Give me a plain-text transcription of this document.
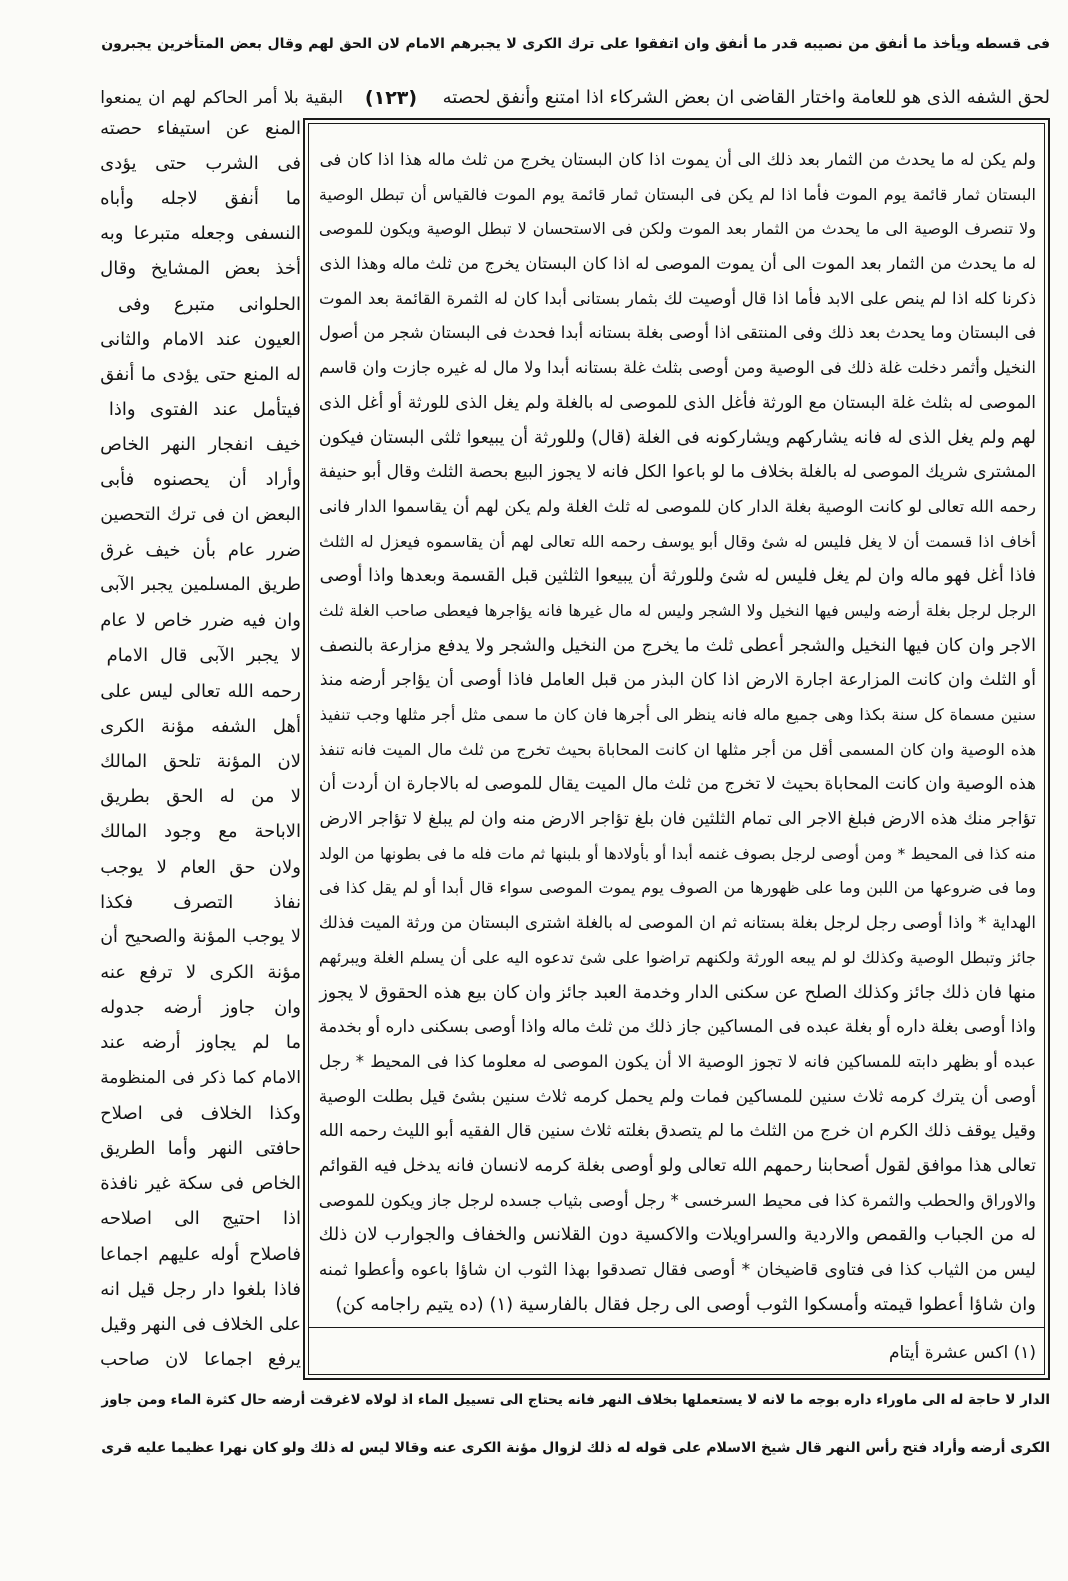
فى قسطه ويأخذ ما أنفق من نصيبه قدر ما أنفق وان اتفقوا على ترك الكرى لا يجبرهم الامام لان الحق لهم وقال بعض المتأخرين يجبرون
لحق الشفه الذى هو للعامة واختار القاضى ان بعض الشركاء اذا امتنع وأنفق لحصته
(١٢٣)
البقية بلا أمر الحاكم لهم ان يمنعوا
ولم يكن له ما يحدث من الثمار بعد ذلك الى أن يموت اذا كان البستان يخرج من ثلث ماله هذا اذا كان فى
البستان ثمار قائمة يوم الموت فأما اذا لم يكن فى البستان ثمار قائمة يوم الموت فالقياس أن تبطل الوصية
ولا تنصرف الوصية الى ما يحدث من الثمار بعد الموت ولكن فى الاستحسان لا تبطل الوصية ويكون للموصى
له ما يحدث من الثمار بعد الموت الى أن يموت الموصى له اذا كان البستان يخرج من ثلث ماله وهذا الذى
ذكرنا كله اذا لم ينص على الابد فأما اذا قال أوصيت لك بثمار بستانى أبدا كان له الثمرة القائمة بعد الموت
فى البستان وما يحدث بعد ذلك وفى المنتقى اذا أوصى بغلة بستانه أبدا فحدث فى البستان شجر من أصول
النخيل وأثمر دخلت غلة ذلك فى الوصية ومن أوصى بثلث غلة بستانه أبدا ولا مال له غيره جازت وان قاسم
الموصى له بثلث غلة البستان مع الورثة فأغل الذى للموصى له بالغلة ولم يغل الذى للورثة أو أغل الذى
لهم ولم يغل الذى له فانه يشاركهم ويشاركونه فى الغلة (قال) وللورثة أن يبيعوا ثلثى البستان فيكون
المشترى شريك الموصى له بالغلة بخلاف ما لو باعوا الكل فانه لا يجوز البيع بحصة الثلث وقال أبو حنيفة
رحمه الله تعالى لو كانت الوصية بغلة الدار كان للموصى له ثلث الغلة ولم يكن لهم أن يقاسموا الدار فانى
أخاف اذا قسمت أن لا يغل فليس له شئ وقال أبو يوسف رحمه الله تعالى لهم أن يقاسموه فيعزل له الثلث
فاذا أغل فهو ماله وان لم يغل فليس له شئ وللورثة أن يبيعوا الثلثين قبل القسمة وبعدها واذا أوصى
الرجل لرجل بغلة أرضه وليس فيها النخيل ولا الشجر وليس له مال غيرها فانه يؤاجرها فيعطى صاحب الغلة ثلث
الاجر وان كان فيها النخيل والشجر أعطى ثلث ما يخرج من النخيل والشجر ولا يدفع مزارعة بالنصف
أو الثلث وان كانت المزارعة اجارة الارض اذا كان البذر من قبل العامل فاذا أوصى أن يؤاجر أرضه منذ
سنين مسماة كل سنة بكذا وهى جميع ماله فانه ينظر الى أجرها فان كان ما سمى مثل أجر مثلها وجب تنفيذ
هذه الوصية وان كان المسمى أقل من أجر مثلها ان كانت المحاباة بحيث تخرج من ثلث مال الميت فانه تنفذ
هذه الوصية وان كانت المحاباة بحيث لا تخرج من ثلث مال الميت يقال للموصى له بالاجارة ان أردت أن
تؤاجر منك هذه الارض فبلغ الاجر الى تمام الثلثين فان بلغ تؤاجر الارض منه وان لم يبلغ لا تؤاجر الارض
منه كذا فى المحيط * ومن أوصى لرجل بصوف غنمه أبدا أو بأولادها أو بلبنها ثم مات فله ما فى بطونها من الولد
وما فى ضروعها من اللبن وما على ظهورها من الصوف يوم يموت الموصى سواء قال أبدا أو لم يقل كذا فى
الهداية * واذا أوصى رجل لرجل بغلة بستانه ثم ان الموصى له بالغلة اشترى البستان من ورثة الميت فذلك
جائز وتبطل الوصية وكذلك لو لم يبعه الورثة ولكنهم تراضوا على شئ تدعوه اليه على أن يسلم الغلة ويبرئهم
منها فان ذلك جائز وكذلك الصلح عن سكنى الدار وخدمة العبد جائز وان كان بيع هذه الحقوق لا يجوز
واذا أوصى بغلة داره أو بغلة عبده فى المساكين جاز ذلك من ثلث ماله واذا أوصى بسكنى داره أو بخدمة
عبده أو بظهر دابته للمساكين فانه لا تجوز الوصية الا أن يكون الموصى له معلوما كذا فى المحيط * رجل
أوصى أن يترك كرمه ثلاث سنين للمساكين فمات ولم يحمل كرمه ثلاث سنين بشئ قيل بطلت الوصية
وقيل يوقف ذلك الكرم ان خرج من الثلث ما لم يتصدق بغلته ثلاث سنين قال الفقيه أبو الليث رحمه الله
تعالى هذا موافق لقول أصحابنا رحمهم الله تعالى ولو أوصى بغلة كرمه لانسان فانه يدخل فيه القوائم
والاوراق والحطب والثمرة كذا فى محيط السرخسى * رجل أوصى بثياب جسده لرجل جاز ويكون للموصى
له من الجباب والقمص والاردية والسراويلات والاكسية دون القلانس والخفاف والجوارب لان ذلك
ليس من الثياب كذا فى فتاوى قاضيخان * أوصى فقال تصدقوا بهذا الثوب ان شاؤا باعوه وأعطوا ثمنه
وان شاؤا أعطوا قيمته وأمسكوا الثوب أوصى الى رجل فقال بالفارسية (١) (ده يتيم راجامه كن)
(١) اكس عشرة أيتام
المنع عن استيفاء حصته
فى الشرب حتى يؤدى
ما أنفق لاجله وأباه
النسفى وجعله متبرعا وبه
أخذ بعض المشايخ وقال
الحلوانى متبرع وفى
العيون عند الامام والثانى
له المنع حتى يؤدى ما أنفق
فيتأمل عند الفتوى واذا
خيف انفجار النهر الخاص
وأراد أن يحصنوه فأبى
البعض ان فى ترك التحصين
ضرر عام بأن خيف غرق
طريق المسلمين يجبر الآبى
وان فيه ضرر خاص لا عام
لا يجبر الآبى قال الامام
رحمه الله تعالى ليس على
أهل الشفه مؤنة الكرى
لان المؤنة تلحق المالك
لا من له الحق بطريق
الاباحة مع وجود المالك
ولان حق العام لا يوجب
نفاذ التصرف فكذا
لا يوجب المؤنة والصحيح أن
مؤنة الكرى لا ترفع عنه
وان جاوز أرضه جدوله
ما لم يجاوز أرضه عند
الامام كما ذكر فى المنظومة
وكذا الخلاف فى اصلاح
حافتى النهر وأما الطريق
الخاص فى سكة غير نافذة
اذا احتيج الى اصلاحه
فاصلاح أوله عليهم اجماعا
فاذا بلغوا دار رجل قيل انه
على الخلاف فى النهر وقيل
يرفع اجماعا لان صاحب
الدار لا حاجة له الى ماوراء داره بوجه ما لانه لا يستعملها بخلاف النهر فانه يحتاج الى تسييل الماء اذ لولاه لاغرقت أرضه حال كثرة الماء ومن جاوز
الكرى أرضه وأراد فتح رأس النهر قال شيخ الاسلام على قوله له ذلك لزوال مؤنة الكرى عنه وقالا ليس له ذلك ولو كان نهرا عظيما عليه قرى
